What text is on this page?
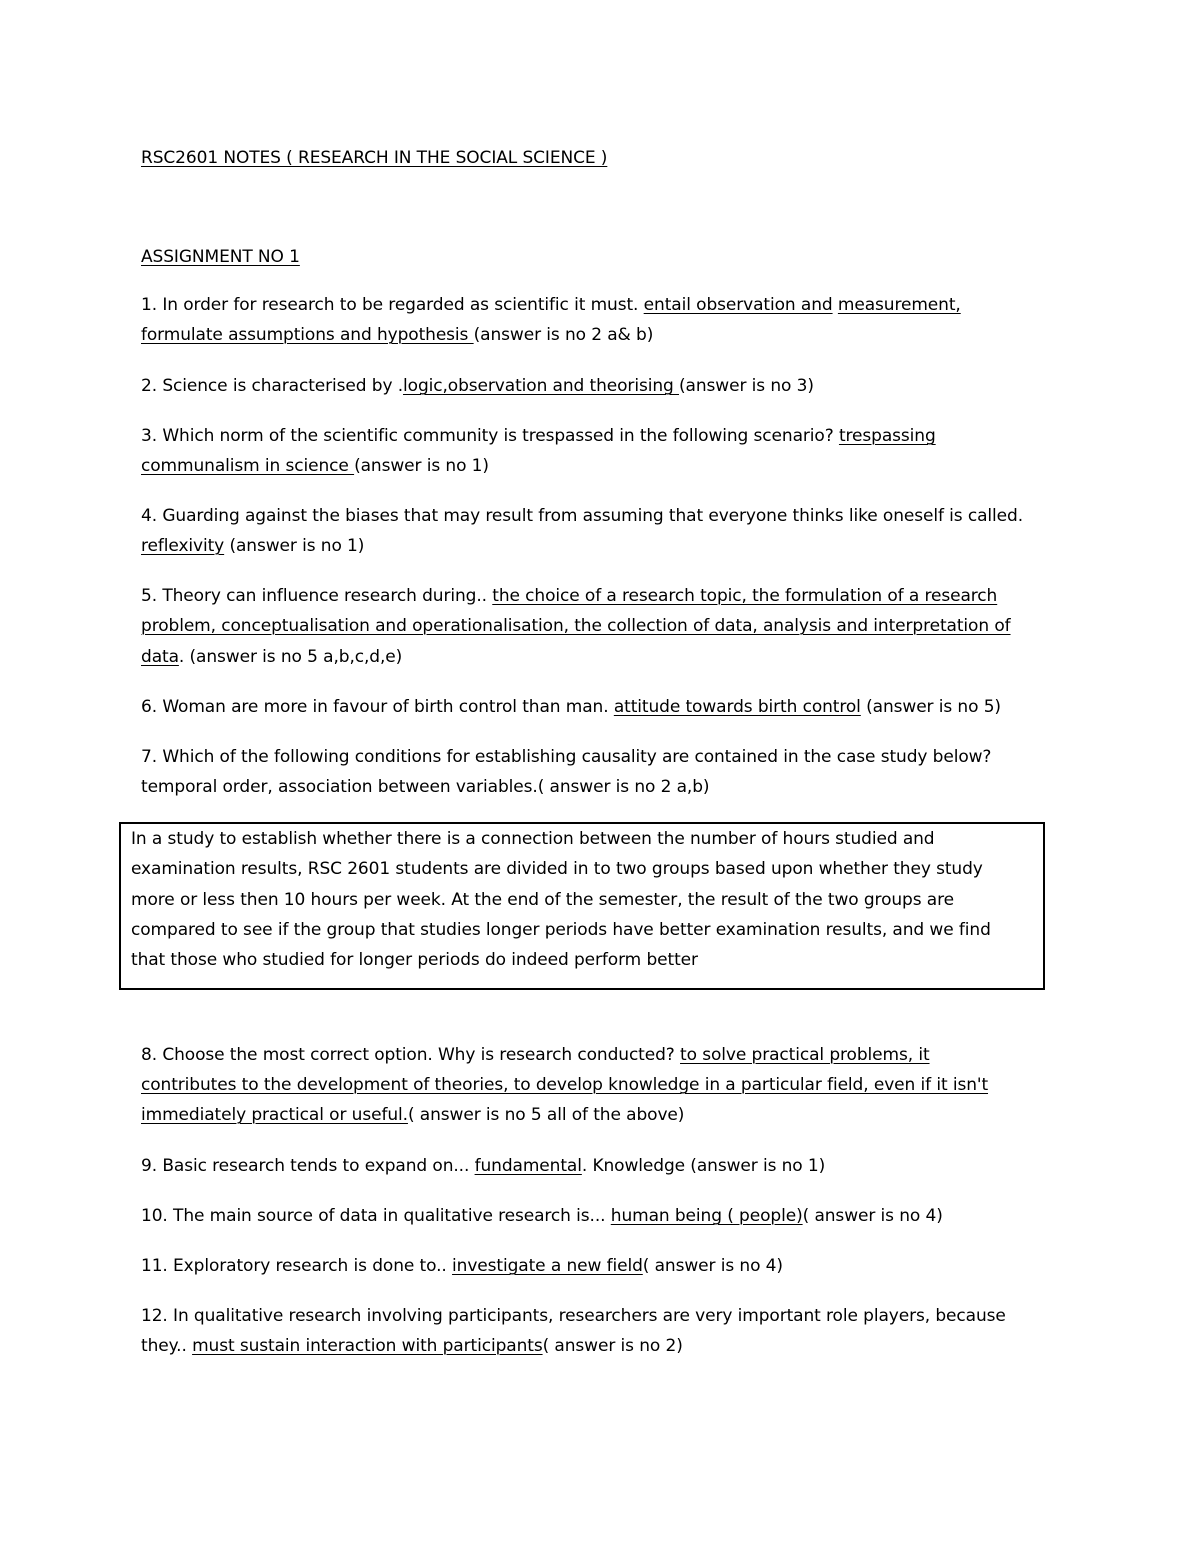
RSC2601 NOTES ( RESEARCH IN THE SOCIAL SCIENCE )
ASSIGNMENT NO 1
1. In order for research to be regarded as scientific it must. entail observation and measurement,
formulate assumptions and hypothesis (answer is no 2 a& b)
2. Science is characterised by .logic,observation and theorising (answer is no 3)
3. Which norm of the scientific community is trespassed in the following scenario? trespassing
communalism in science (answer is no 1)
4. Guarding against the biases that may result from assuming that everyone thinks like oneself is called.
reflexivity (answer is no 1)
5. Theory can influence research during.. the choice of a research topic, the formulation of a research
problem, conceptualisation and operationalisation, the collection of data, analysis and interpretation of
data. (answer is no 5 a,b,c,d,e)
6. Woman are more in favour of birth control than man. attitude towards birth control (answer is no 5)
7. Which of the following conditions for establishing causality are contained in the case study below?
temporal order, association between variables.( answer is no 2 a,b)
In a study to establish whether there is a connection between the number of hours studied and
examination results, RSC 2601 students are divided in to two groups based upon whether they study
more or less then 10 hours per week. At the end of the semester, the result of the two groups are
compared to see if the group that studies longer periods have better examination results, and we find
that those who studied for longer periods do indeed perform better
8. Choose the most correct option. Why is research conducted? to solve practical problems, it
contributes to the development of theories, to develop knowledge in a particular field, even if it isn't
immediately practical or useful.( answer is no 5 all of the above)
9. Basic research tends to expand on... fundamental. Knowledge (answer is no 1)
10. The main source of data in qualitative research is... human being ( people)( answer is no 4)
11. Exploratory research is done to.. investigate a new field( answer is no 4)
12. In qualitative research involving participants, researchers are very important role players, because
they.. must sustain interaction with participants( answer is no 2)
